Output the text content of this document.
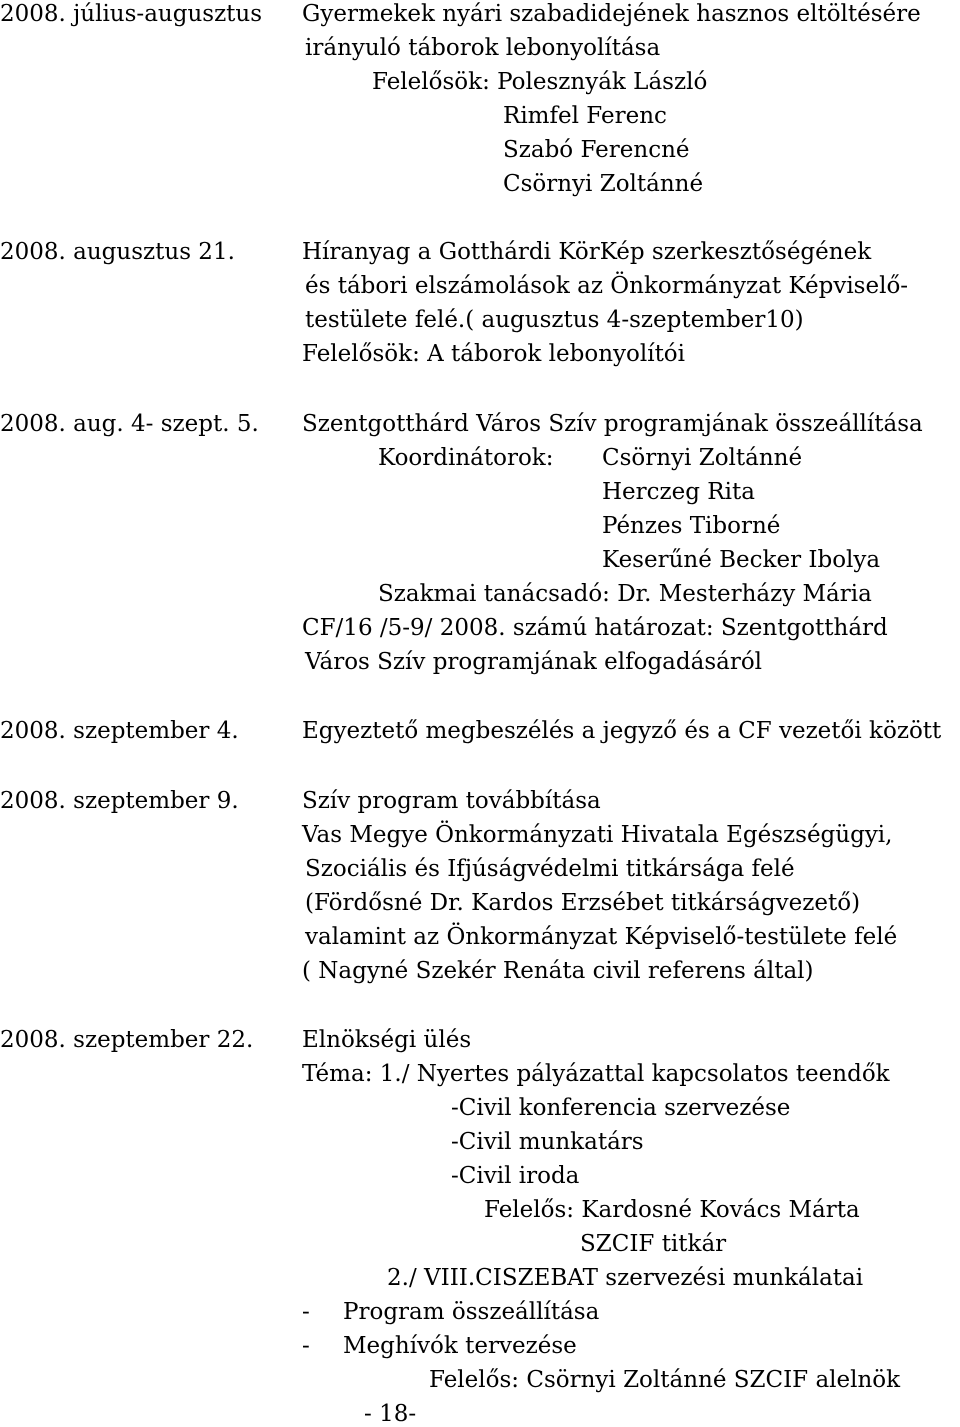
2008. július-augusztus Gyermekek nyári szabadidejének hasznos eltöltésére
irányuló táborok lebonyolítása
Felelősök: Polesznyák László
Rimfel Ferenc
Szabó Ferencné
Csörnyi Zoltánné
2008. augusztus 21.	Híranyag a Gotthárdi KörKép szerkesztőségének
és tábori elszámolások az Önkormányzat Képviselő-
testülete felé.( augusztus 4-szeptember10)
Felelősök: A táborok lebonyolítói
2008. aug. 4- szept. 5. Szentgotthárd Város Szív programjának összeállítása
Koordinátorok: Csörnyi Zoltánné
Herczeg Rita
Pénzes Tiborné
Keserűné Becker Ibolya
Szakmai tanácsadó: Dr. Mesterházy Mária
CF/16 /5-9/ 2008. számú határozat: Szentgotthárd
Város Szív programjának elfogadásáról
2008. szeptember 4.	Egyeztető megbeszélés a jegyző és a CF vezetői között
2008. szeptember 9.	Szív program továbbítása
Vas Megye Önkormányzati Hivatala Egészségügyi,
Szociális és Ifjúságvédelmi titkársága felé
(Fördősné Dr. Kardos Erzsébet titkárságvezető)
valamint az Önkormányzat Képviselő-testülete felé
( Nagyné Szekér Renáta civil referens által)
2008. szeptember 22. Elnökségi ülés
Téma: 1./ Nyertes pályázattal kapcsolatos teendők
-Civil konferencia szervezése
-Civil munkatárs
-Civil iroda
Felelős: Kardosné Kovács Márta
SZCIF titkár
2./ VIII.CISZEBAT szervezési munkálatai
- Program összeállítása
- Meghívók tervezése
Felelős: Csörnyi Zoltánné SZCIF alelnök
- 18-
